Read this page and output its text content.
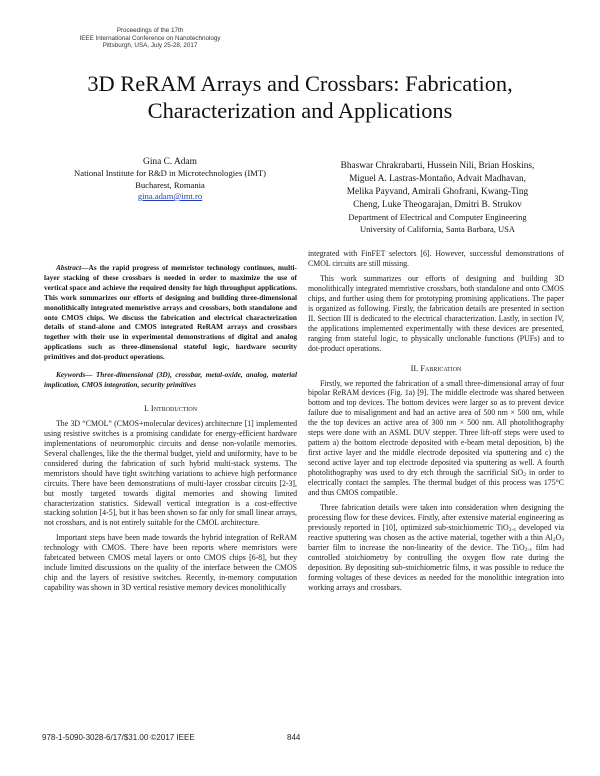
Proceedings of the 17th
IEEE International Conference on Nanotechnology
Pittsburgh, USA, July 25-28, 2017
3D ReRAM Arrays and Crossbars: Fabrication,
Characterization and Applications
Gina C. Adam
National Institute for R&D in Microtechnologies (IMT)
Bucharest, Romania
gina.adam@imt.ro
Bhaswar Chrakrabarti, Hussein Nili, Brian Hoskins,
Miguel A. Lastras-Montaño, Advait Madhavan,
Melika Payvand, Amirali Ghofrani, Kwang-Ting
Cheng, Luke Theogarajan, Dmitri B. Strukov
Department of Electrical and Computer Engineering
University of California, Santa Barbara, USA

Abstract—As the rapid progress of memristor technology continues, multi-layer stacking of these crossbars is needed in order to maximize the use of vertical space and achieve the required density for high throughput applications. This work summarizes our efforts of designing and building three-dimensional monolithically integrated memristive arrays and crossbars, both standalone and onto CMOS chips. We discuss the fabrication and electrical characterization details of stand-alone and CMOS integrated ReRAM arrays and crossbars together with their use in experimental demonstrations of digital and analog applications such as three-dimensional stateful logic, hardware security primitives and dot-product operations.

Keywords— Three-dimensional (3D), crossbar, metal-oxide, analog, material implication, CMOS integration, security primitives

I. Introduction

The 3D “CMOL” (CMOS+molecular devices) architecture [1] implemented using resistive switches is a promising candidate for energy-efficient hardware implementations of neuromorphic circuits and dense non-volatile memories. Several challenges, like the the thermal budget, yield and uniformity, have to be considered during the fabrication of such hybrid multi-stack systems. The memristors should have tight switching variations to achieve high performance circuits. There have been demonstrations of multi-layer crossbar circuits [2-3], but mostly targeted towards digital memories and showing limited characterization statistics. Sidewall vertical integration is a cost-effective stacking solution [4-5], but it has been shown so far only for small linear arrays, not crossbars, and is not entirely suitable for the CMOL architecture.

Important steps have been made towards the hybrid integration of ReRAM technology with CMOS. There have been reports where memristors were fabricated between CMOS metal layers or onto CMOS chips [6-8], but they include limited discussions on the quality of the interface between the CMOS chip and the layers of resistive switches. Recently, in-memory computation capability was shown in 3D vertical resistive memory devices monolithically

integrated with FinFET selectors [6]. However, successful demonstrations of CMOL circuits are still missing.

This work summarizes our efforts of designing and building 3D monolithically integrated memristive crossbars, both standalone and onto CMOS chips, and further using them for prototyping promising applications. The paper is organized as following. Firstly, the fabrication details are presented in section II. Section III is dedicated to the electrical characterization. Lastly, in section IV, the applications implemented experimentally with these devices are presented, ranging from stateful logic, to physically unclonable functions (PUFs) and to dot-product operations.

II. Fabrication

Firstly, we reported the fabrication of a small three-dimensional array of four bipolar ReRAM devices (Fig. 1a) [9]. The middle electrode was shared between bottom and top devices. The bottom devices were larger so as to prevent device failure due to misalignment and had an active area of 500 nm × 500 nm, while the the top devices an active area of 300 nm × 500 nm. All photolithography steps were done with an ASML DUV stepper. Three lift-off steps were used to pattern a) the bottom electrode deposited with e-beam metal deposition, b) the first active layer and the middle electrode deposited via sputtering and c) the second active layer and top electrode deposited via sputtering as well. A fourth photolithography was used to dry etch through the sacrificial SiO$_2$ in order to electrically contact the samples. The thermal budget of this process was 175°C and thus CMOS compatible.

Three fabrication details were taken into consideration when designing the processing flow for these devices. Firstly, after extensive material engineering as previously reported in [10], optimized sub-stoichiometric TiO$_{2-x}$ developed via reactive sputtering was chosen as the active material, together with a thin $Al_2O_3$ barrier film to increase the non-linearity of the device. The TiO$_{2-x}$ film had controlled stoichiometry by controlling the oxygen flow rate during the deposition. By depositing sub-stoichiometric films, it was possible to reduce the forming voltages of these devices as needed for the monolithic integration into working arrays and crossbars.

978-1-5090-3028-6/17/$31.00 ©2017 IEEE	844
